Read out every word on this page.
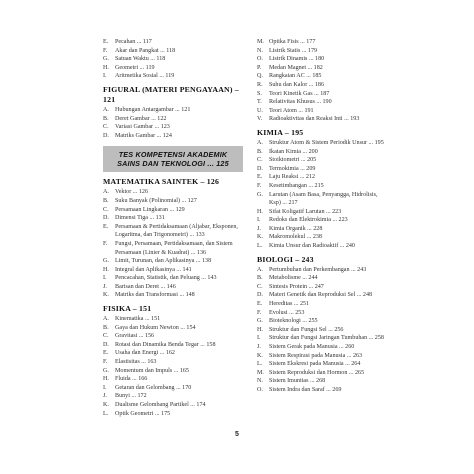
E.	Pecahan ... 117
F.	Akar dan Pangkat ... 118
G. Satuan Waktu ... 118
H. Geometri ... 119
I.	Aritmetika Sosial ... 119
FIGURAL (MATERI PENGAYAAN) – 121
A. Hubungan Antargambar ... 121
B.	Deret Gambar ... 122
C.	Variasi Gambar ... 123
D. Matriks Gambar ... 124
TES KOMPETENSI AKADEMIK SAINS DAN TEKNOLOGI ... 125
MATEMATIKA SAINTEK – 126
A. Vektor ... 126
B.	Suku Banyak (Polinomial) ... 127
C.	Persamaan Lingkaran ... 129
D. Dimensi Tiga ... 131
E.	Persamaan & Pertidaksamaan (Aljabar, Eksponen, Logaritma, dan Trigonometri) ... 133
F.	Fungsi, Persamaan, Pertidaksamaan, dan Sistem Persamaan (Linier & Kuadrat) ... 136
G. Limit, Turunan, dan Aplikasinya ... 138
H. Integral dan Aplikasinya ... 141
I.	Pencacahan, Statistik, dan Peluang ... 143
J.	Barisan dan Deret ... 146
K. Matriks dan Transformasi ... 148
FISIKA – 151
A. Kinematika ... 151
B.	Gaya dan Hukum Newton ... 154
C.	Gravitasi ... 156
D. Rotasi dan Dinamika Benda Tegar ... 158
E.	Usaha dan Energi ... 162
F.	Elastisitas ... 163
G. Momentum dan Impuls ... 165
H. Fluida ... 166
I.	Getaran dan Gelombang ... 170
J.	Bunyi ... 172
K. Dualisme Gelombang Partikel ... 174
L.	Optik Geometri ... 175
M. Optika Fisis ... 177
N. Listrik Statis ... 179
O. Listrik Dinamis ... 180
P.	Medan Magnet ... 182
Q. Rangkaian AC ... 185
R.	Suhu dan Kalor ... 186
S.	Teori Kinetik Gas ... 187
T.	Relativitas Khusus ... 190
U. Teori Atom ... 191
V.	Radioaktivitas dan Reaksi Inti ... 193
KIMIA – 195
A. Struktur Atom & Sistem Periodik Unsur ... 195
B.	Ikatan Kimia ... 200
C.	Stoikiometri ... 205
D. Termokimia ... 209
E.	Laju Reaksi ... 212
F.	Kesetimbangan ... 215
G. Larutan (Asam Basa, Penyangga, Hidrolisis, Ksp) ... 217
H. Sifat Koligatif Larutan ... 223
I.	Redoks dan Elektrokimia ... 223
J.	Kimia Organik ... 228
K. Makromolekul ... 238
L.	Kimia Unsur dan Radioaktif ... 240
BIOLOGI – 243
A. Pertumbuhan dan Perkembangan ... 243
B.	Metabolisme ... 244
C.	Sintesis Protein ... 247
D. Materi Genetik dan Reproduksi Sel ... 248
E.	Hereditas ... 251
F.	Evolusi ... 253
G. Bioteknologi ... 255
H. Struktur dan Fungsi Sel ... 256
I.	Struktur dan Fungsi Jaringan Tumbuhan ... 258
J.	Sistem Gerak pada Manusia ... 260
K. Sistem Respirasi pada Manusia ... 263
L.	Sistem Ekskresi pada Manusia ... 264
M. Sistem Reproduksi dan Hormon ... 265
N. Sistem Imunitas ... 268
O. Sistem Indra dan Saraf ... 269
5
